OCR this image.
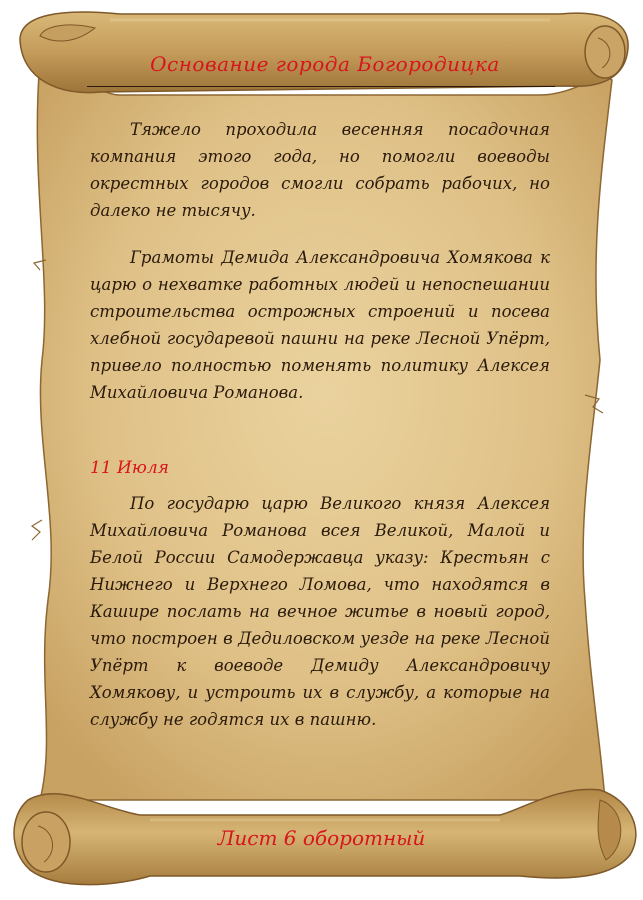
Основание города Богородицка
Тяжело проходила весенняя посадочная компания этого года, но помогли воеводы окрестных городов смогли собрать рабочих, но далеко не тысячу.
Грамоты Демида Александровича Хомякова к царю о нехватке работных людей и непоспешании строительства острожных строений и посева хлебной государевой пашни на реке Лесной Упёрт, привело полностью поменять политику Алексея Михайловича Романова.
11 Июля
По государю царю Великого князя Алексея Михайловича Романова всея Великой, Малой и Белой России Самодержавца указу: Крестьян с Нижнего и Верхнего Ломова, что находятся в Кашире послать на вечное житье в новый город, что построен в Дедиловском уезде на реке Лесной Упёрт к воеводе Демиду Александровичу Хомякову, и устроить их в службу, а которые на службу не годятся их в пашню.
Лист 6 оборотный
